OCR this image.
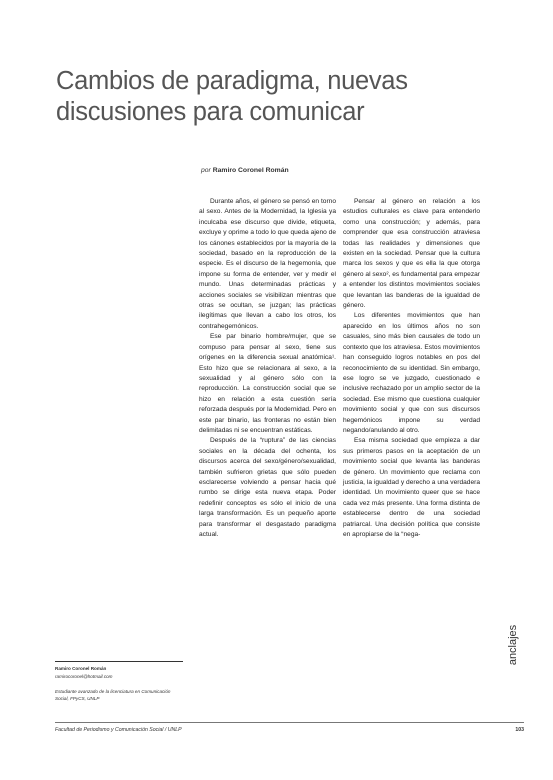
Cambios de paradigma, nuevas
discusiones para comunicar
por Ramiro Coronel Román

Durante años, el género se pensó en torno al sexo. Antes de la Modernidad, la Iglesia ya inculcaba ese discurso que divide, etiqueta, excluye y oprime a todo lo que queda ajeno de los cánones establecidos por la mayoría de la sociedad, basado en la reproducción de la especie. Es el discurso de la hegemonía, que impone su forma de entender, ver y medir el mundo. Unas determinadas prácticas y acciones sociales se visibilizan mientras que otras se ocultan, se juzgan; las prácticas ilegítimas que llevan a cabo los otros, los contrahegemónicos.

Ese par binario hombre/mujer, que se compuso para pensar al sexo, tiene sus orígenes en la diferencia sexual anatómica¹. Esto hizo que se relacionara al sexo, a la sexualidad y al género sólo con la reproducción. La construcción social que se hizo en relación a esta cuestión sería reforzada después por la Modernidad. Pero en este par binario, las fronteras no están bien delimitadas ni se encuentran estáticas.

Después de la “ruptura” de las ciencias sociales en la década del ochenta, los discursos acerca del sexo/género/sexualidad, también sufrieron grietas que sólo pueden esclarecerse volviendo a pensar hacia qué rumbo se dirige esta nueva etapa. Poder redefinir conceptos es sólo el inicio de una larga transformación. Es un pequeño aporte para transformar el desgastado paradigma actual.

Pensar al género en relación a los estudios culturales es clave para entenderlo como una construcción; y además, para comprender que esa construcción atraviesa todas las realidades y dimensiones que existen en la sociedad. Pensar que la cultura marca los sexos y que es ella la que otorga género al sexo², es fundamental para empezar a entender los distintos movimientos sociales que levantan las banderas de la igualdad de género.

Los diferentes movimientos que han aparecido en los últimos años no son casuales, sino más bien causales de todo un contexto que los atraviesa. Estos movimientos han conseguido logros notables en pos del reconocimiento de su identidad. Sin embargo, ese logro se ve juzgado, cuestionado e inclusive rechazado por un amplio sector de la sociedad. Ese mismo que cuestiona cualquier movimiento social y que con sus discursos hegemónicos impone su verdad negando/anulando al otro.

Esa misma sociedad que empieza a dar sus primeros pasos en la aceptación de un movimiento social que levanta las banderas de género. Un movimiento que reclama con justicia, la igualdad y derecho a una verdadera identidad. Un movimiento queer que se hace cada vez más presente. Una forma distinta de establecerse dentro de una sociedad patriarcal. Una decisión política que consiste en apropiarse de la “nega-

Ramiro Coronel Román
ramirocoronel@hotmail.com
Estudiante avanzado de la licenciatura en Comunicación Social, FPyCS, UNLP
anclajes
Facultad de Periodismo y Comunicación Social / UNLP	103
